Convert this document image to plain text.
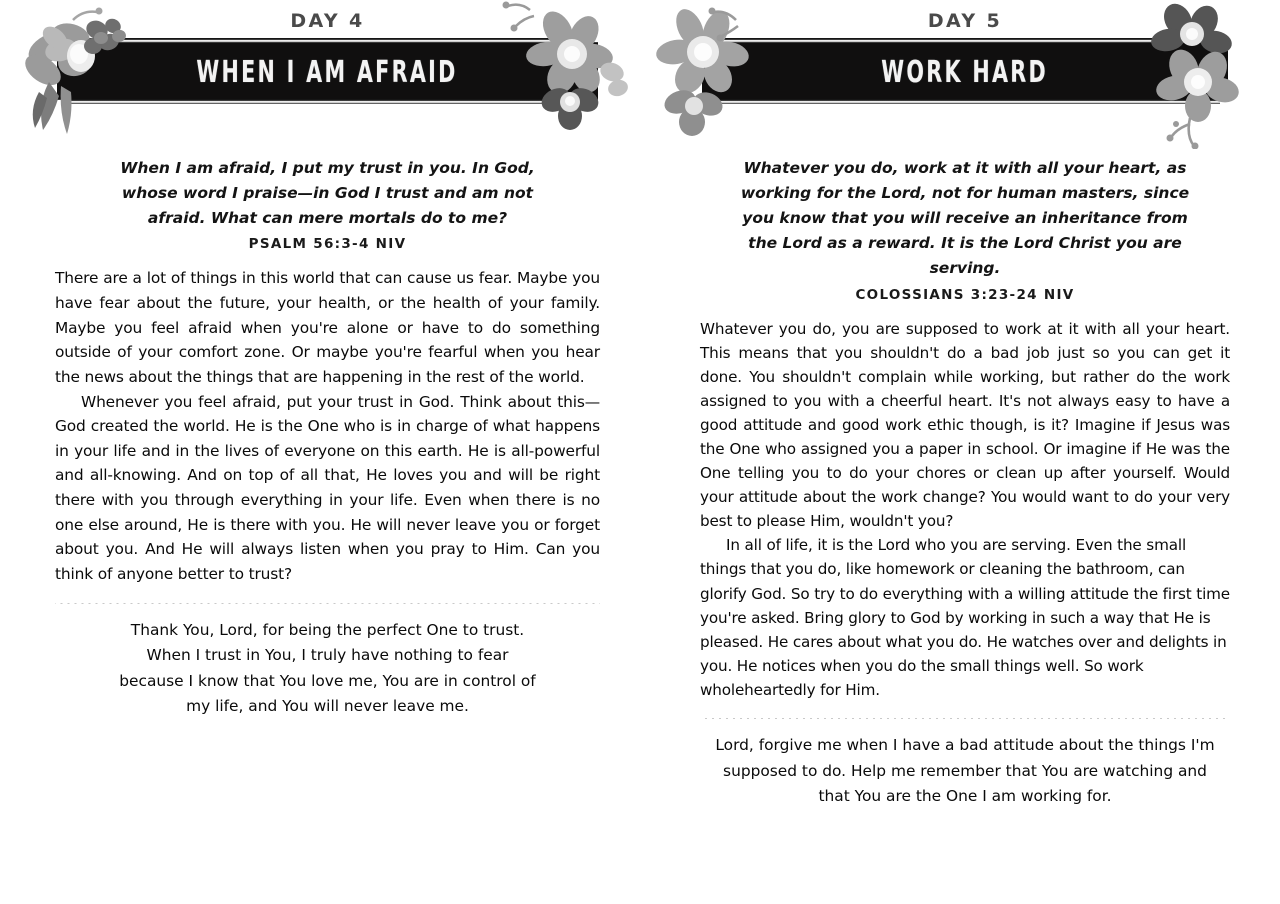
DAY 4
WHEN I AM AFRAID
When I am afraid, I put my trust in you. In God, whose word I praise—in God I trust and am not afraid. What can mere mortals do to me?
PSALM 56:3-4 NIV

There are a lot of things in this world that can cause us fear. Maybe you have fear about the future, your health, or the health of your family. Maybe you feel afraid when you're alone or have to do something outside of your comfort zone. Or maybe you're fearful when you hear the news about the things that are happening in the rest of the world.

Whenever you feel afraid, put your trust in God. Think about this—God created the world. He is the One who is in charge of what happens in your life and in the lives of everyone on this earth. He is all-powerful and all-knowing. And on top of all that, He loves you and will be right there with you through everything in your life. Even when there is no one else around, He is there with you. He will never leave you or forget about you. And He will always listen when you pray to Him. Can you think of anyone better to trust?

Thank You, Lord, for being the perfect One to trust. When I trust in You, I truly have nothing to fear because I know that You love me, You are in control of my life, and You will never leave me.
DAY 5
WORK HARD
Whatever you do, work at it with all your heart, as working for the Lord, not for human masters, since you know that you will receive an inheritance from the Lord as a reward. It is the Lord Christ you are serving.
COLOSSIANS 3:23-24 NIV

Whatever you do, you are supposed to work at it with all your heart. This means that you shouldn't do a bad job just so you can get it done. You shouldn't complain while working, but rather do the work assigned to you with a cheerful heart. It's not always easy to have a good attitude and good work ethic though, is it? Imagine if Jesus was the One who assigned you a paper in school. Or imagine if He was the One telling you to do your chores or clean up after yourself. Would your attitude about the work change? You would want to do your very best to please Him, wouldn't you?

In all of life, it is the Lord who you are serving. Even the small things that you do, like homework or cleaning the bathroom, can glorify God. So try to do everything with a willing attitude the first time you're asked. Bring glory to God by working in such a way that He is pleased. He cares about what you do. He watches over and delights in you. He notices when you do the small things well. So work wholeheartedly for Him.

Lord, forgive me when I have a bad attitude about the things I'm supposed to do. Help me remember that You are watching and that You are the One I am working for.
